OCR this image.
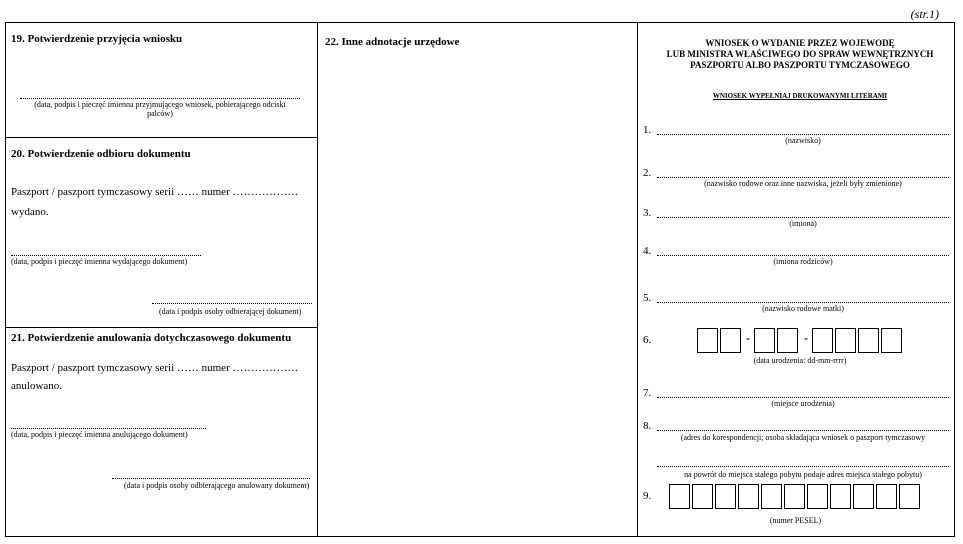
(str.1)
19. Potwierdzenie przyjęcia wniosku
(data, podpis i pieczęć imienna przyjmującego wniosek, pobierającego odciski
palców)
20. Potwierdzenie odbioru dokumentu
Paszport / paszport tymczasowy serii …… numer ………………
wydano.
(data, podpis i pieczęć imienna wydającego dokument)
(data i podpis osoby odbierającej dokument)
21. Potwierdzenie anulowania dotychczasowego dokumentu
Paszport / paszport tymczasowy serii …… numer ………………
anulowano.
(data, podpis i pieczęć imienna anulującego dokument)
(data i podpis osoby odbierającego anulowany dokument)
22. Inne adnotacje urzędowe	WNIOSEK O WYDANIE PRZEZ WOJEWODĘ
LUB MINISTRA WŁAŚCIWEGO DO SPRAW WEWNĘTRZNYCH
PASZPORTU ALBO PASZPORTU TYMCZASOWEGO
WNIOSEK WYPEŁNIAJ DRUKOWANYMI LITERAMI
1.
(nazwisko)
2.
(nazwisko rodowe oraz inne nazwiska, jeżeli były zmienione)
3.
(imiona)
4.
(imiona rodziców)
5.
(nazwisko rodowe matki)
6.	-	-
(data urodzenia: dd-mm-rrrr)
7.
(miejsce urodzenia)
8.
(adres do korespondencji; osoba składająca wniosek o paszport tymczasowy
na powrót do miejsca stałego pobytu podaje adres miejsca stałego pobytu)
9.
(numer PESEL)
